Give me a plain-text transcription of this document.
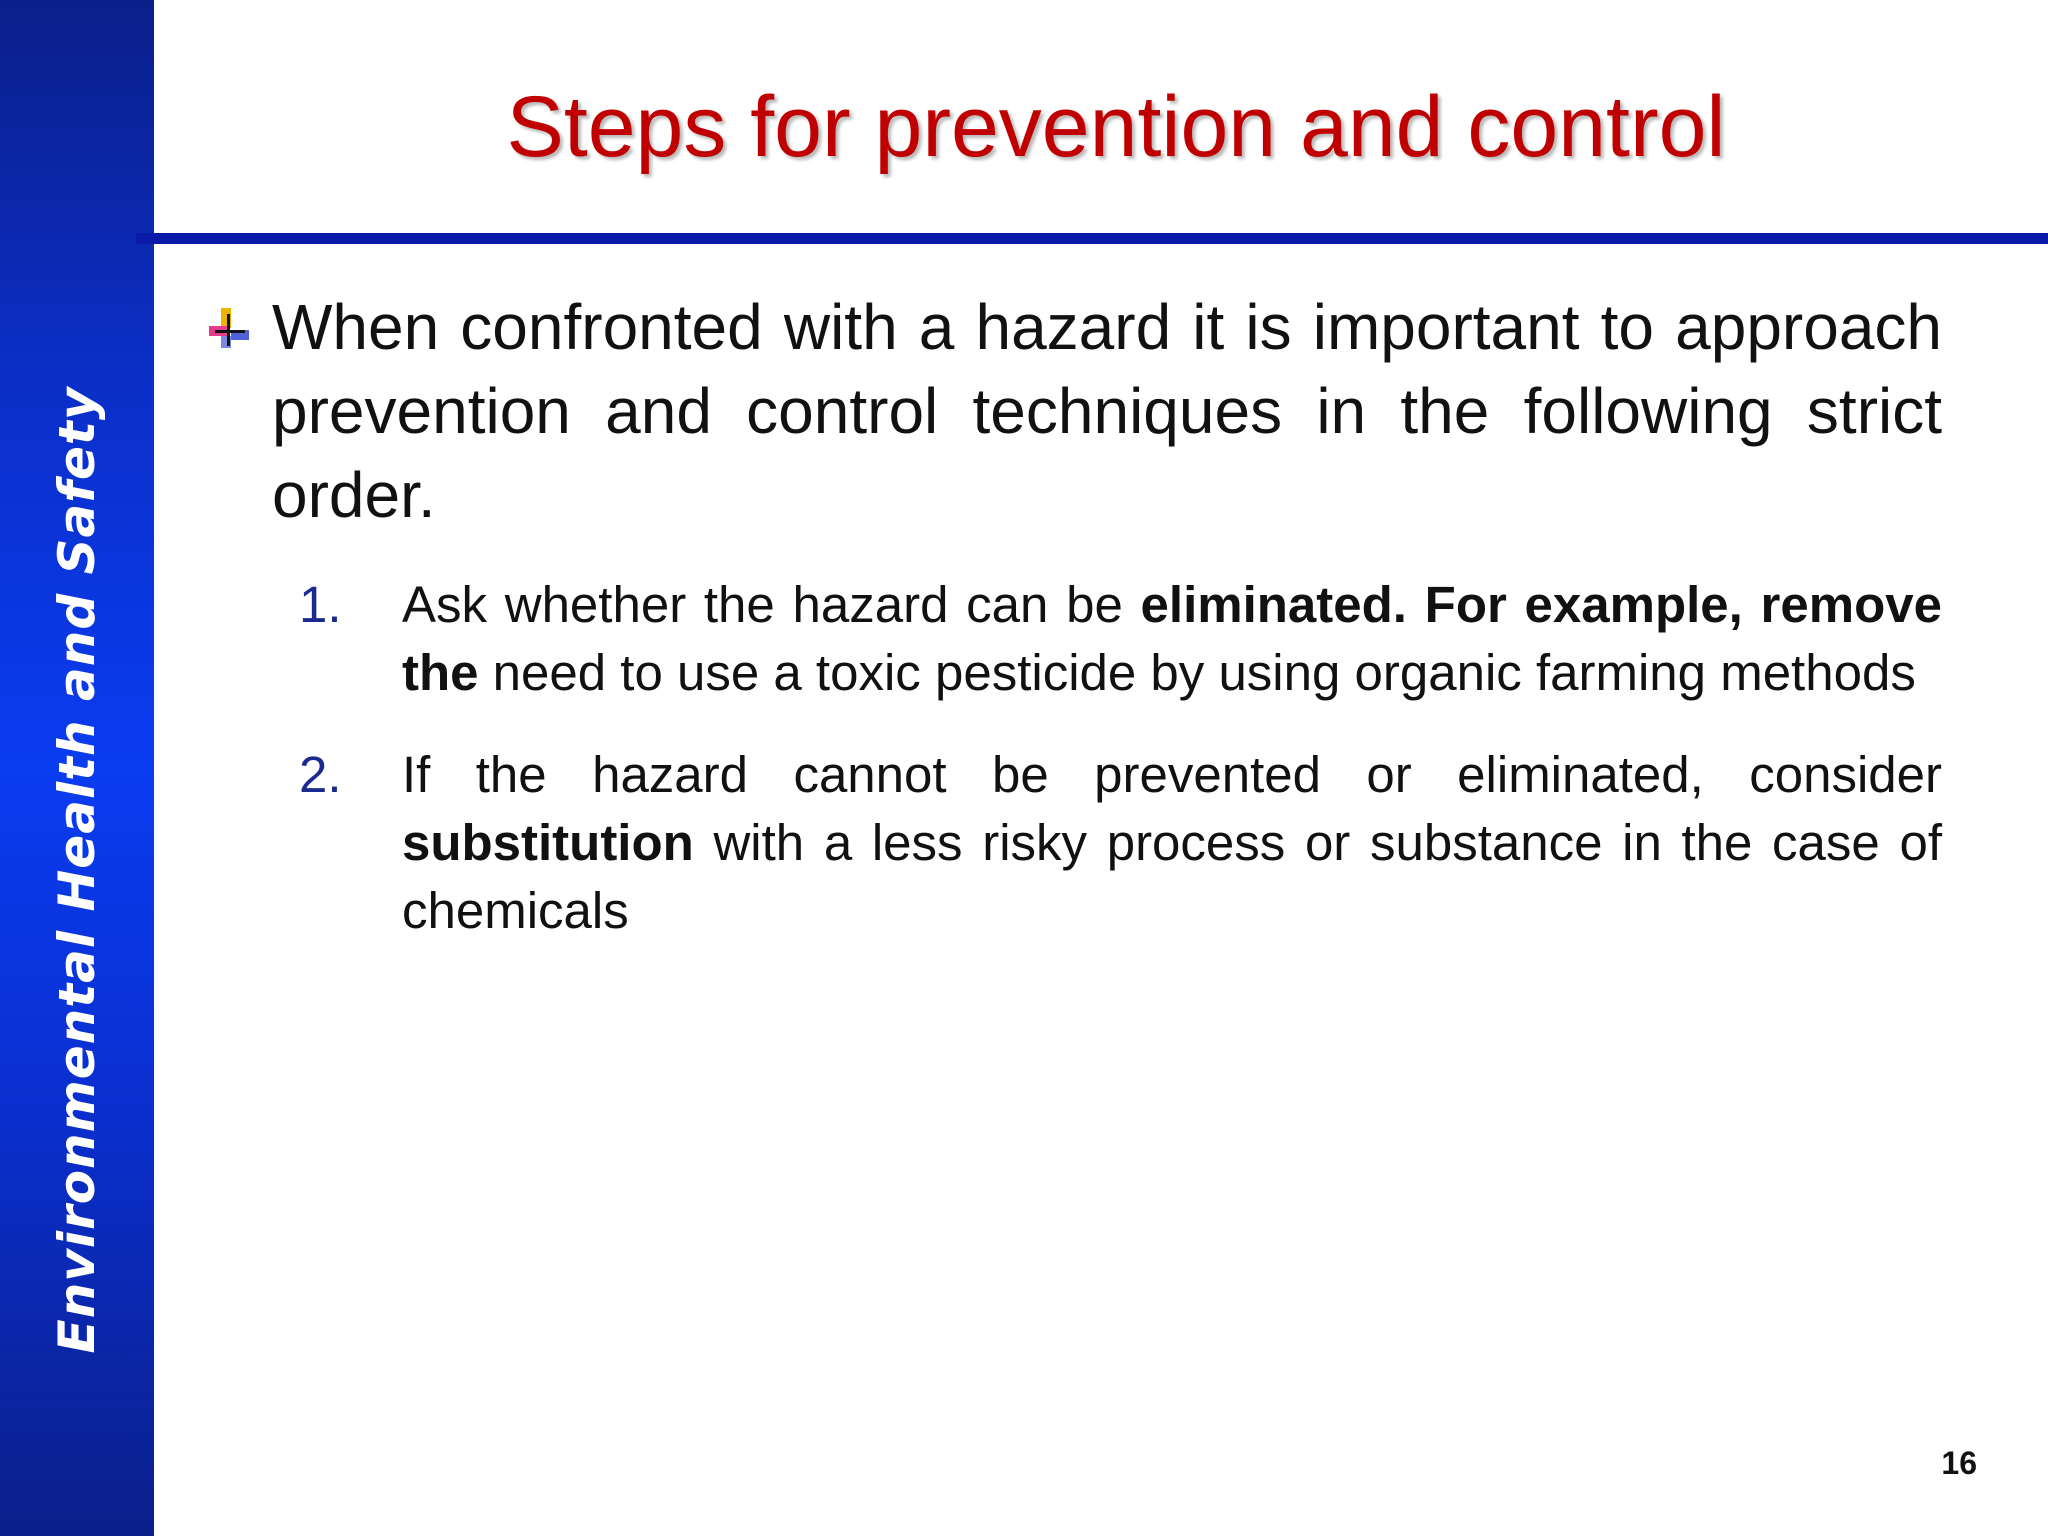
Environmental Health and Safety
Steps for prevention and control

When confronted with a hazard it is important to approach prevention and control techniques in the following strict order.

1. Ask whether the hazard can be eliminated. For example, remove the need to use a toxic pesticide by using organic farming methods
2. If the hazard cannot be prevented or eliminated, consider substitution with a less risky process or substance in the case of chemicals
16
